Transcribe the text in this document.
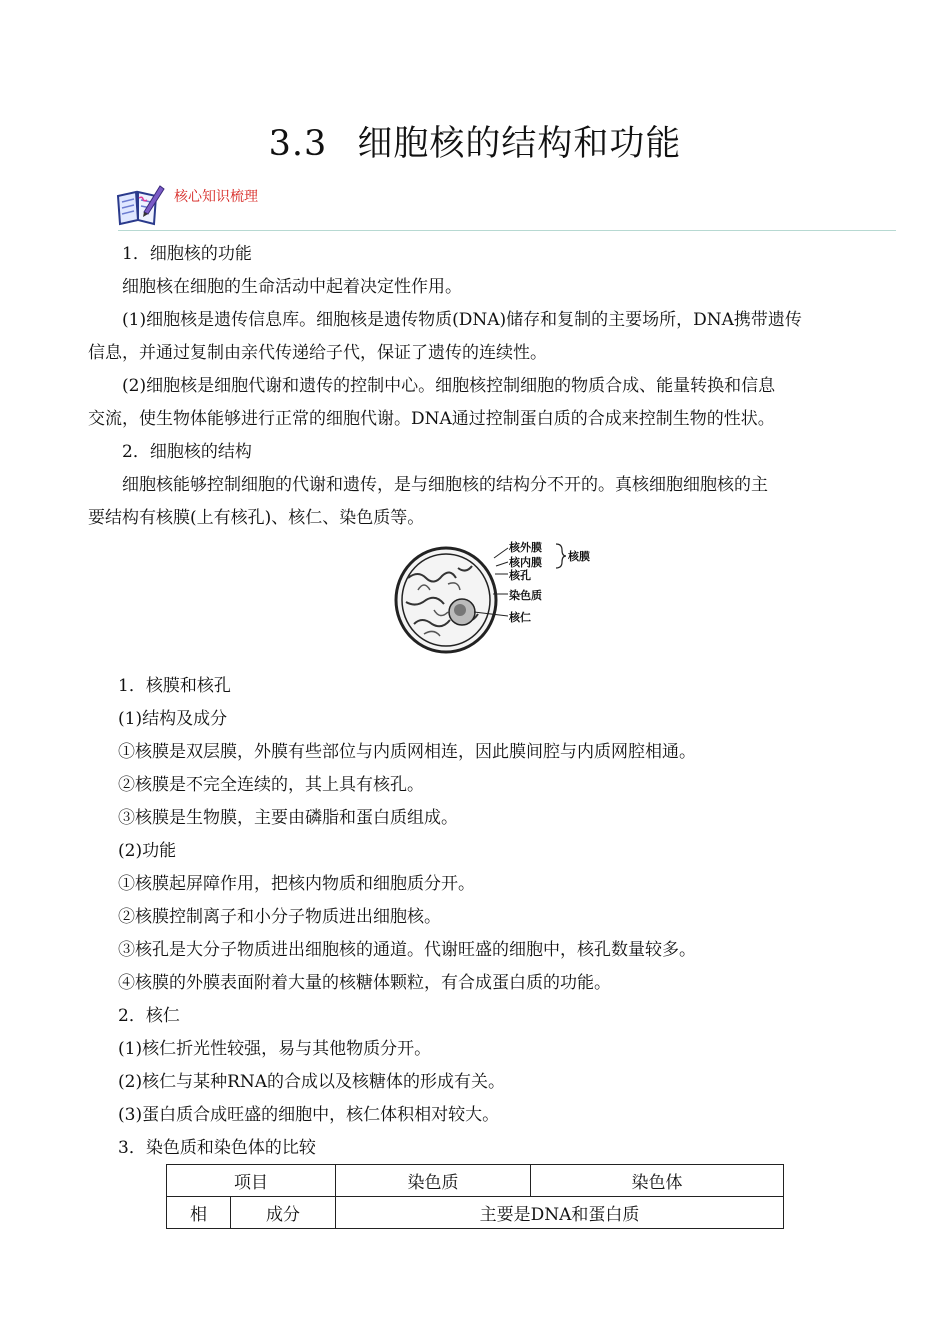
3.3 细胞核的结构和功能
核心知识梳理

1．细胞核的功能

细胞核在细胞的生命活动中起着决定性作用。

(1)细胞核是遗传信息库。细胞核是遗传物质(DNA)储存和复制的主要场所，DNA携带遗传

信息，并通过复制由亲代传递给子代，保证了遗传的连续性。

(2)细胞核是细胞代谢和遗传的控制中心。细胞核控制细胞的物质合成、能量转换和信息

交流，使生物体能够进行正常的细胞代谢。DNA通过控制蛋白质的合成来控制生物的性状。

2．细胞核的结构

细胞核能够控制细胞的代谢和遗传，是与细胞核的结构分不开的。真核细胞细胞核的主

要结构有核膜(上有核孔)、核仁、染色质等。

核外膜
核内膜
核孔
染色质
核仁
核膜

1．核膜和核孔

(1)结构及成分

①核膜是双层膜，外膜有些部位与内质网相连，因此膜间腔与内质网腔相通。

②核膜是不完全连续的，其上具有核孔。

③核膜是生物膜，主要由磷脂和蛋白质组成。

(2)功能

①核膜起屏障作用，把核内物质和细胞质分开。

②核膜控制离子和小分子物质进出细胞核。

③核孔是大分子物质进出细胞核的通道。代谢旺盛的细胞中，核孔数量较多。

④核膜的外膜表面附着大量的核糖体颗粒，有合成蛋白质的功能。

2．核仁

(1)核仁折光性较强，易与其他物质分开。

(2)核仁与某种RNA的合成以及核糖体的形成有关。

(3)蛋白质合成旺盛的细胞中，核仁体积相对较大。

3．染色质和染色体的比较

项目		染色质	染色体
相	成分	主要是DNA和蛋白质	
